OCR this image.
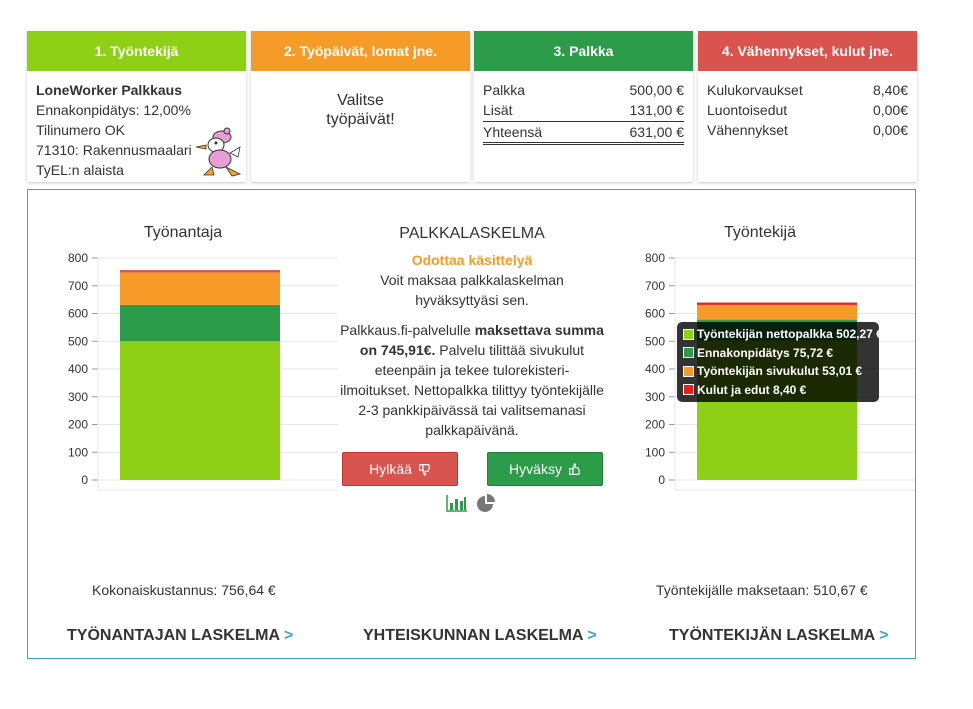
1. Työntekijä
LoneWorker Palkkaus
Ennakonpidätys: 12,00%
Tilinumero OK
71310: Rakennusmaalari
TyEL:n alaista
2. Työpäivät, lomat jne.
Valitse
työpäivät!
3. Palkka
Palkka	500,00 €
Lisät	131,00 €
Yhteensä	631,00 €
4. Vähennykset, kulut jne.
Kulukorvaukset	8,40€
Luontoisedut	0,00€
Vähennykset	0,00€
Työnantaja
0
100
200
300
400
500
600
700
800
PALKKALASKELMA
Odottaa käsittelyä
Voit maksaa palkkalaskelman hyväksyttyäsi sen.
Palkkaus.fi-palvelulle maksettava summa on 745,91€. Palvelu tilittää sivukulut eteenpäin ja tekee tulorekisteri-ilmoitukset. Nettopalkka tilittyy työntekijälle 2-3 pankkipäivässä tai valitsemanasi palkkapäivänä.
Hylkää	Hyväksy
Työntekijä
0
100
200
300
400
500
600
700
800
Työntekijän nettopalkka 502,27 €
Ennakonpidätys 75,72 €
Työntekijän sivukulut 53,01 €
Kulut ja edut 8,40 €
Kokonaiskustannus: 756,64 €	Työntekijälle maksetaan: 510,67 €
TYÖNANTAJAN LASKELMA >	YHTEISKUNNAN LASKELMA >	TYÖNTEKIJÄN LASKELMA >
